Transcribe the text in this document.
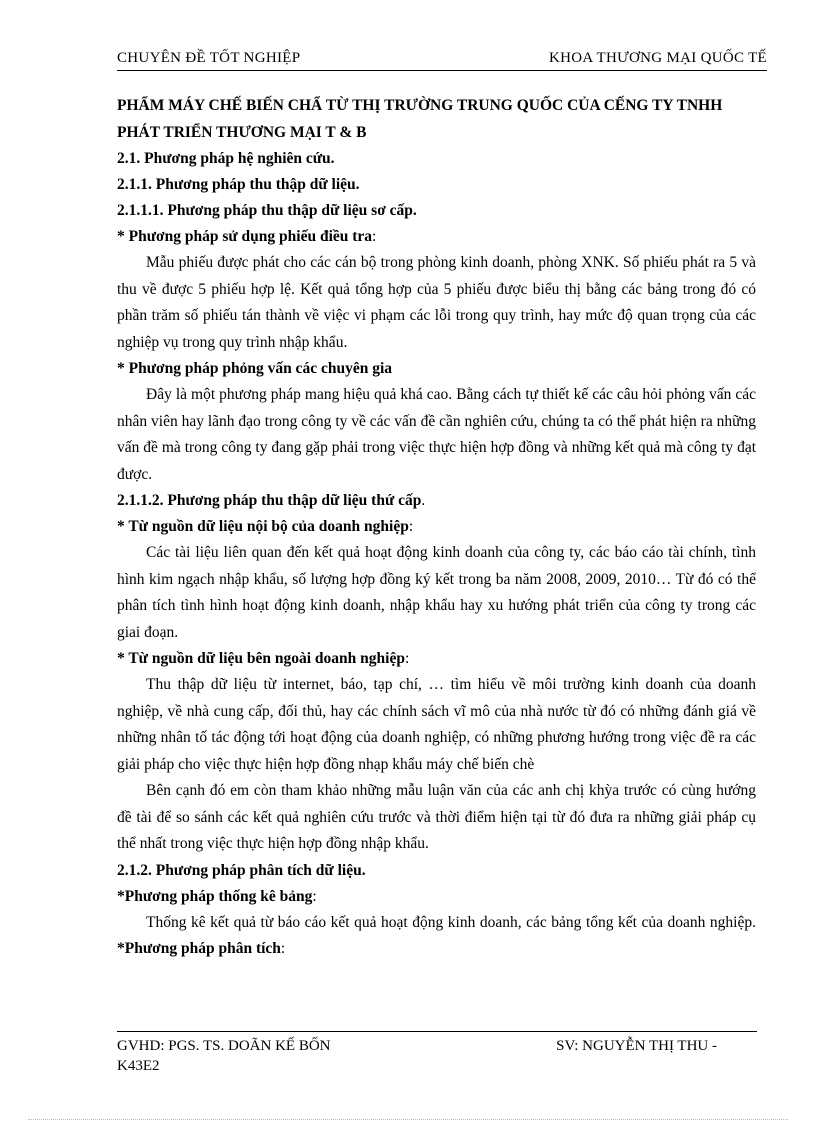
CHUYÊN ĐỀ TỐT NGHIỆP	KHOA THƯƠNG MẠI QUỐC TẾ

PHẨM MÁY CHẾ BIẾN CHẨ TỪ THỊ TRƯỜNG TRUNG QUỐC CỦA CẾNG TY TNHH PHÁT TRIỂN THƯƠNG MẠI T & B

2.1. Phương pháp hệ nghiên cứu.

2.1.1. Phương pháp thu thập dữ liệu.

2.1.1.1. Phương pháp thu thập dữ liệu sơ cấp.

* Phương pháp sử dụng phiếu điều tra:

Mẫu phiếu được phát cho các cán bộ trong phòng kinh doanh, phòng XNK. Số phiếu phát ra 5 và thu về được 5 phiếu hợp lệ. Kết quả tổng hợp của 5 phiếu được biểu thị bằng các bảng trong đó có phần trăm số phiếu tán thành về việc vi phạm các lỗi trong quy trình, hay mức độ quan trọng của các nghiệp vụ trong quy trình nhập khẩu.

* Phương pháp phỏng vấn các chuyên gia

Đây là một phương pháp mang hiệu quả khá cao. Bằng cách tự thiết kế các câu hỏi phỏng vấn các nhân viên hay lãnh đạo trong công ty về các vấn đề cần nghiên cứu, chúng ta có thể phát hiện ra những vấn đề mà trong công ty đang gặp phải trong việc thực hiện hợp đồng và những kết quả mà công ty đạt được.

2.1.1.2. Phương pháp thu thập dữ liệu thứ cấp.

* Từ nguồn dữ liệu nội bộ của doanh nghiệp:

Các tài liệu liên quan đến kết quả hoạt động kinh doanh của công ty, các báo cáo tài chính, tình hình kim ngạch nhập khẩu, số lượng hợp đồng ký kết trong ba năm 2008, 2009, 2010… Từ đó có thể phân tích tình hình hoạt động kinh doanh, nhập khẩu hay xu hướng phát triển của công ty trong các giai đoạn.

* Từ nguồn dữ liệu bên ngoài doanh nghiệp:

Thu thập dữ liệu từ internet, báo, tạp chí, … tìm hiểu về môi trường kinh doanh của doanh nghiệp, về nhà cung cấp, đối thủ, hay các chính sách vĩ mô của nhà nước từ đó có những đánh giá về những nhân tố tác động tới hoạt động của doanh nghiệp, có những phương hướng trong việc đề ra các giải pháp cho việc thực hiện hợp đồng nhạp khẩu máy chế biến chè

Bên cạnh đó em còn tham khảo những mẫu luận văn của các anh chị khỳa trước có cùng hướng đề tài để so sánh các kết quả nghiên cứu trước và thời điểm hiện tại từ đó đưa ra những giải pháp cụ thể nhất trong việc thực hiện hợp đồng nhập khẩu.

2.1.2. Phương pháp phân tích dữ liệu.

*Phương pháp thống kê bảng:

Thống kê kết quả từ báo cáo kết quả hoạt động kinh doanh, các bảng tổng kết của doanh nghiệp.

*Phương pháp phân tích:

GVHD: PGS. TS. DOÃN KẾ BỐN	SV: NGUYỄN THỊ THU -
K43E2
